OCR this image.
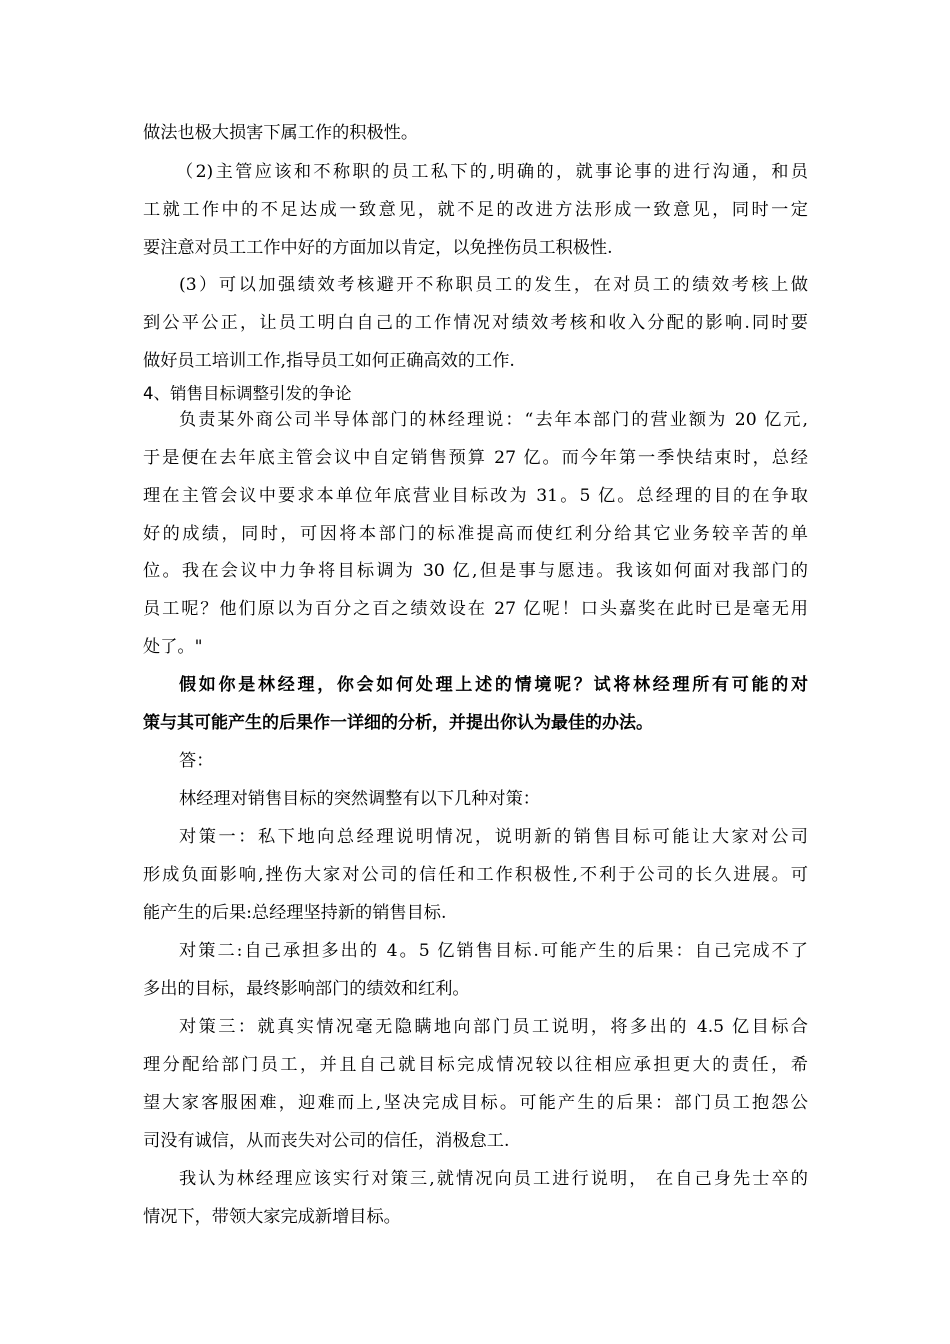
做法也极大损害下属工作的积极性。
（2)主管应该和不称职的员工私下的,明确的，就事论事的进行沟通，和员
工就工作中的不足达成一致意见，就不足的改进方法形成一致意见，同时一定
要注意对员工工作中好的方面加以肯定，以免挫伤员工积极性.
(3）可以加强绩效考核避开不称职员工的发生，在对员工的绩效考核上做
到公平公正，让员工明白自己的工作情况对绩效考核和收入分配的影响.同时要
做好员工培训工作,指导员工如何正确高效的工作.
4、销售目标调整引发的争论
负责某外商公司半导体部门的林经理说：“去年本部门的营业额为 20 亿元,
于是便在去年底主管会议中自定销售预算 27 亿。而今年第一季快结束时，总经
理在主管会议中要求本单位年底营业目标改为 31。5 亿。总经理的目的在争取
好的成绩，同时，可因将本部门的标准提高而使红利分给其它业务较辛苦的单
位。我在会议中力争将目标调为 30 亿,但是事与愿违。我该如何面对我部门的
员工呢？他们原以为百分之百之绩效设在 27 亿呢！口头嘉奖在此时已是毫无用
处了。"
假如你是林经理，你会如何处理上述的情境呢？试将林经理所有可能的对
策与其可能产生的后果作一详细的分析，并提出你认为最佳的办法。
答：
林经理对销售目标的突然调整有以下几种对策：
对策一：私下地向总经理说明情况，说明新的销售目标可能让大家对公司
形成负面影响,挫伤大家对公司的信任和工作积极性,不利于公司的长久进展。可
能产生的后果:总经理坚持新的销售目标.
对策二:自己承担多出的 4。5 亿销售目标.可能产生的后果：自己完成不了
多出的目标，最终影响部门的绩效和红利。
对策三：就真实情况毫无隐瞒地向部门员工说明，将多出的 4.5 亿目标合
理分配给部门员工，并且自己就目标完成情况较以往相应承担更大的责任，希
望大家客服困难，迎难而上,坚决完成目标。可能产生的后果：部门员工抱怨公
司没有诚信，从而丧失对公司的信任，消极怠工.
我认为林经理应该实行对策三,就情况向员工进行说明， 在自己身先士卒的
情况下，带领大家完成新增目标。
